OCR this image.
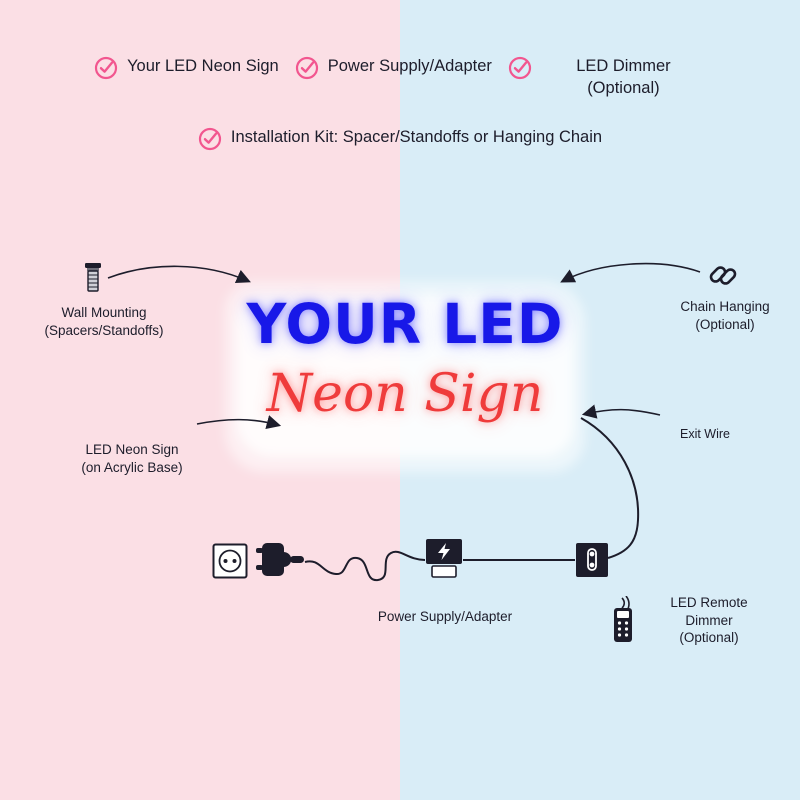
Your LED Neon Sign	Power Supply/Adapter	LED Dimmer (Optional)
Installation Kit: Spacer/Standoffs or Hanging Chain
YOUR LED
Neon Sign
Wall Mounting
(Spacers/Standoffs)
Chain Hanging
(Optional)
LED Neon Sign
(on Acrylic Base)
Exit Wire
Power Supply/Adapter
LED Remote
Dimmer
(Optional)
